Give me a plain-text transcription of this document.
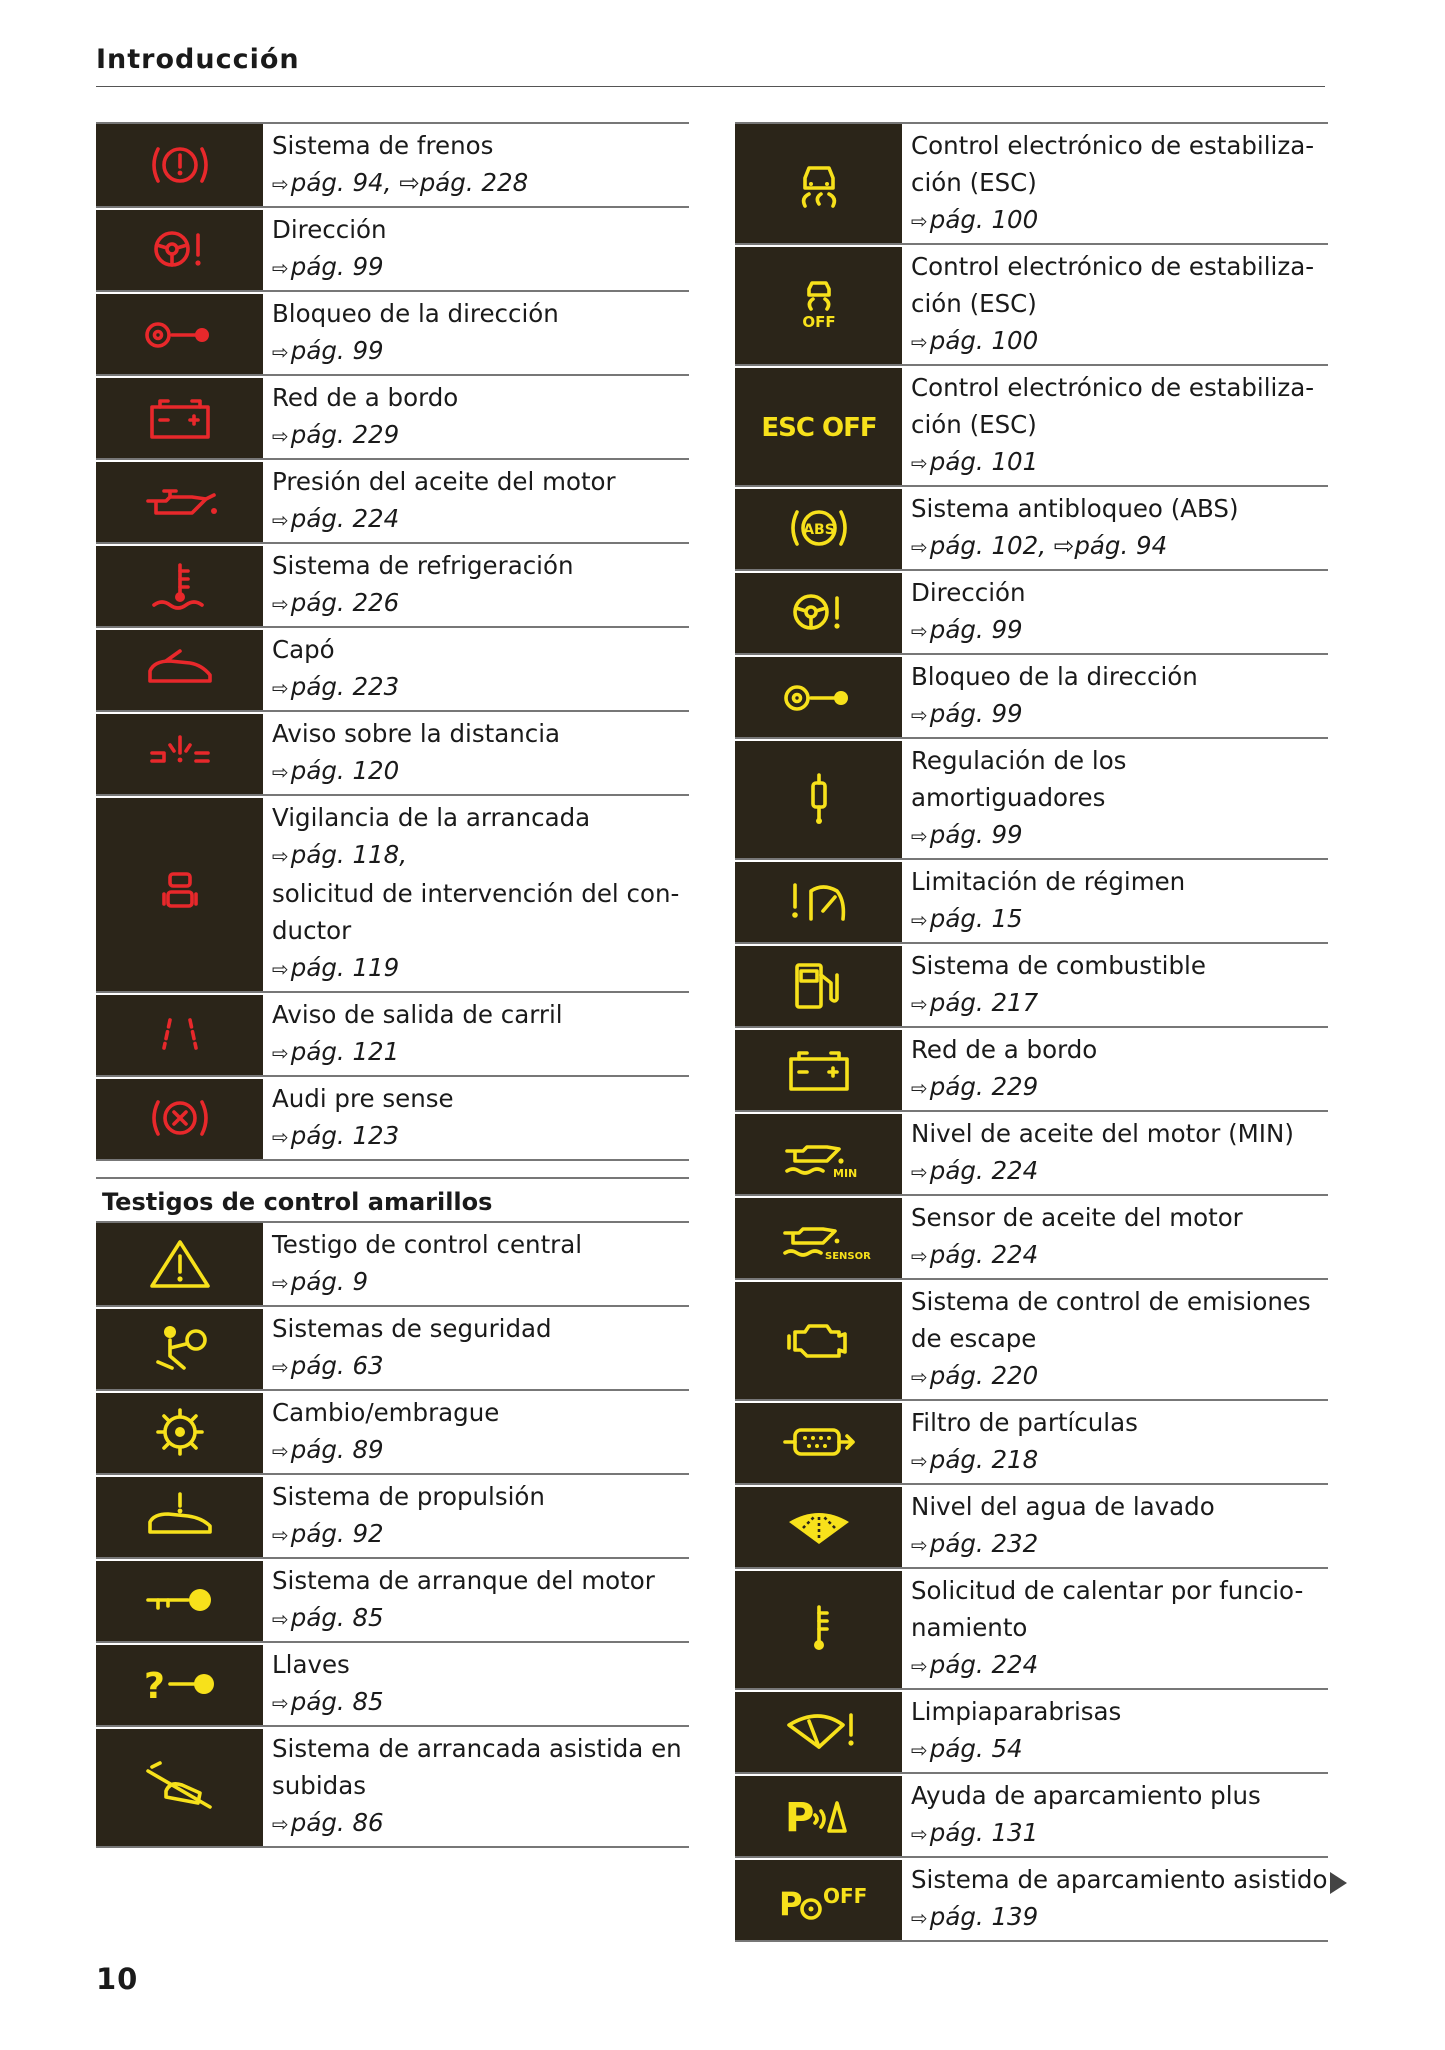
Introducción
Sistema de frenos
⇨pág. 94, ⇨pág. 228
Dirección
⇨pág. 99
Bloqueo de la dirección
⇨pág. 99
Red de a bordo
⇨pág. 229
Presión del aceite del motor
⇨pág. 224
Sistema de refrigeración
⇨pág. 226
Capó
⇨pág. 223
Aviso sobre la distancia
⇨pág. 120
Vigilancia de la arrancada
⇨pág. 118,
solicitud de intervención del con-
ductor
⇨pág. 119
Aviso de salida de carril
⇨pág. 121
Audi pre sense
⇨pág. 123
Testigos de control amarillos
Testigo de control central
⇨pág. 9
Sistemas de seguridad
⇨pág. 63
Cambio/embrague
⇨pág. 89
Sistema de propulsión
⇨pág. 92
Sistema de arranque del motor
⇨pág. 85
?
Llaves
⇨pág. 85
Sistema de arrancada asistida en
subidas
⇨pág. 86
Control electrónico de estabiliza-
ción (ESC)
⇨pág. 100
OFF
Control electrónico de estabiliza-
ción (ESC)
⇨pág. 100
ESC OFF
Control electrónico de estabiliza-
ción (ESC)
⇨pág. 101
ABS
Sistema antibloqueo (ABS)
⇨pág. 102, ⇨pág. 94
Dirección
⇨pág. 99
Bloqueo de la dirección
⇨pág. 99
Regulación de los amortiguadores
⇨pág. 99
Limitación de régimen
⇨pág. 15
Sistema de combustible
⇨pág. 217
Red de a bordo
⇨pág. 229
MIN
Nivel de aceite del motor (MIN)
⇨pág. 224
SENSOR
Sensor de aceite del motor
⇨pág. 224
Sistema de control de emisiones
de escape
⇨pág. 220
Filtro de partículas
⇨pág. 218
Nivel del agua de lavado
⇨pág. 232
Solicitud de calentar por funcio-
namiento
⇨pág. 224
Limpiaparabrisas
⇨pág. 54
P	Ayuda de aparcamiento plus
⇨pág. 131
P OFF
Sistema de aparcamiento asistido
⇨pág. 139
10
